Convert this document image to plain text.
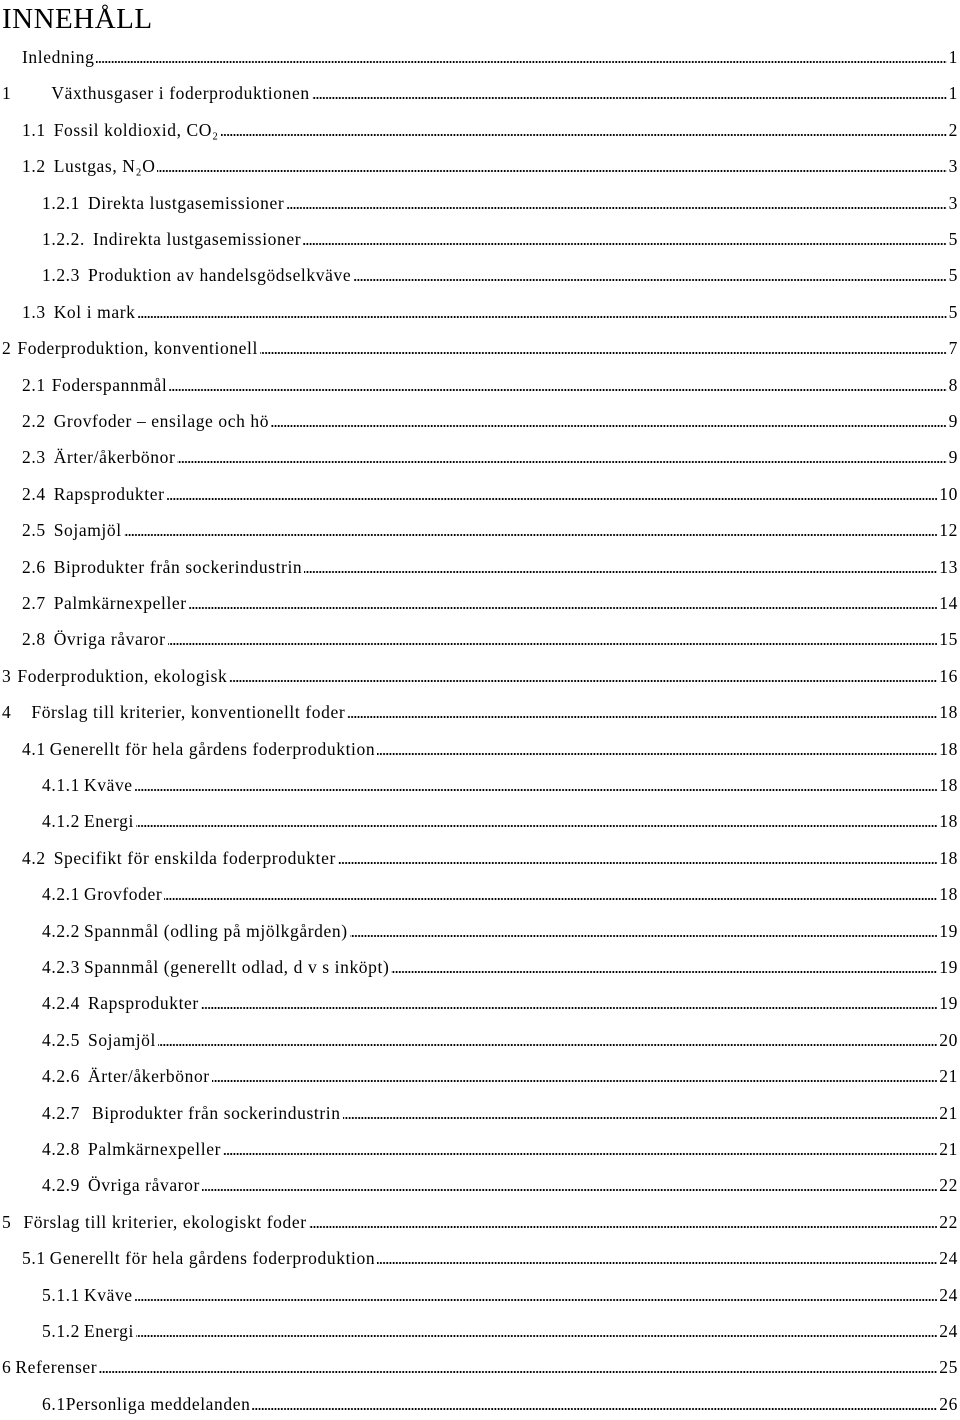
INNEHÅLL
Inledning	1
1 Växthusgaser i foderproduktionen	1
1.1 Fossil koldioxid, CO₂	2
1.2 Lustgas, N₂O	3
1.2.1 Direkta lustgasemissioner	3
1.2.2. Indirekta lustgasemissioner	5
1.2.3 Produktion av handelsgödselkväve	5
1.3 Kol i mark	5
2 Foderproduktion, konventionell	7
2.1 Foderspannmål	8
2.2 Grovfoder – ensilage och hö	9
2.3 Ärter/åkerbönor	9
2.4 Rapsprodukter	10
2.5 Sojamjöl	12
2.6 Biprodukter från sockerindustrin	13
2.7 Palmkärnexpeller	14
2.8 Övriga råvaror	15
3 Foderproduktion, ekologisk	16
4 Förslag till kriterier, konventionellt foder	18
4.1 Generellt för hela gårdens foderproduktion	18
4.1.1 Kväve	18
4.1.2 Energi	18
4.2 Specifikt för enskilda foderprodukter	18
4.2.1 Grovfoder	18
4.2.2 Spannmål (odling på mjölkgården)	19
4.2.3 Spannmål (generellt odlad, d v s inköpt)	19
4.2.4 Rapsprodukter	19
4.2.5 Sojamjöl	20
4.2.6 Ärter/åkerbönor	21
4.2.7 Biprodukter från sockerindustrin	21
4.2.8 Palmkärnexpeller	21
4.2.9 Övriga råvaror	22
5 Förslag till kriterier, ekologiskt foder	22
5.1 Generellt för hela gårdens foderproduktion	24
5.1.1 Kväve	24
5.1.2 Energi	24
6 Referenser	25
6.1 Personliga meddelanden	26
